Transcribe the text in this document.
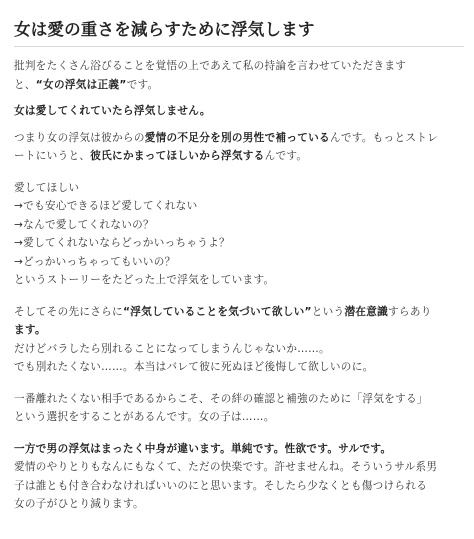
女は愛の重さを減らすために浮気します
批判をたくさん浴びることを覚悟の上であえて私の持論を言わせていただきます
と、“女の浮気は正義”です。
女は愛してくれていたら浮気しません。
つまり女の浮気は彼からの愛情の不足分を別の男性で補っているんです。もっとストレ
ートにいうと、彼氏にかまってほしいから浮気するんです。
愛してほしい
→でも安心できるほど愛してくれない
→なんで愛してくれないの？
→愛してくれないならどっかいっちゃうよ？
→どっかいっちゃってもいいの？
というストーリーをたどった上で浮気をしています。
そしてその先にさらに“浮気していることを気づいて欲しい”という潜在意識すらあり
ます。
だけどバラしたら別れることになってしまうんじゃないか……。
でも別れたくない……。本当はバレて彼に死ぬほど後悔して欲しいのに。
一番離れたくない相手であるからこそ、その絆の確認と補強のために「浮気をする」
という選択をすることがあるんです。女の子は……。
一方で男の浮気はまったく中身が違います。単純です。性欲です。サルです。
愛情のやりとりもなんにもなくて、ただの快楽です。許せませんね。そういうサル系男
子は誰とも付き合わなければいいのにと思います。そしたら少なくとも傷つけられる
女の子がひとり減ります。
